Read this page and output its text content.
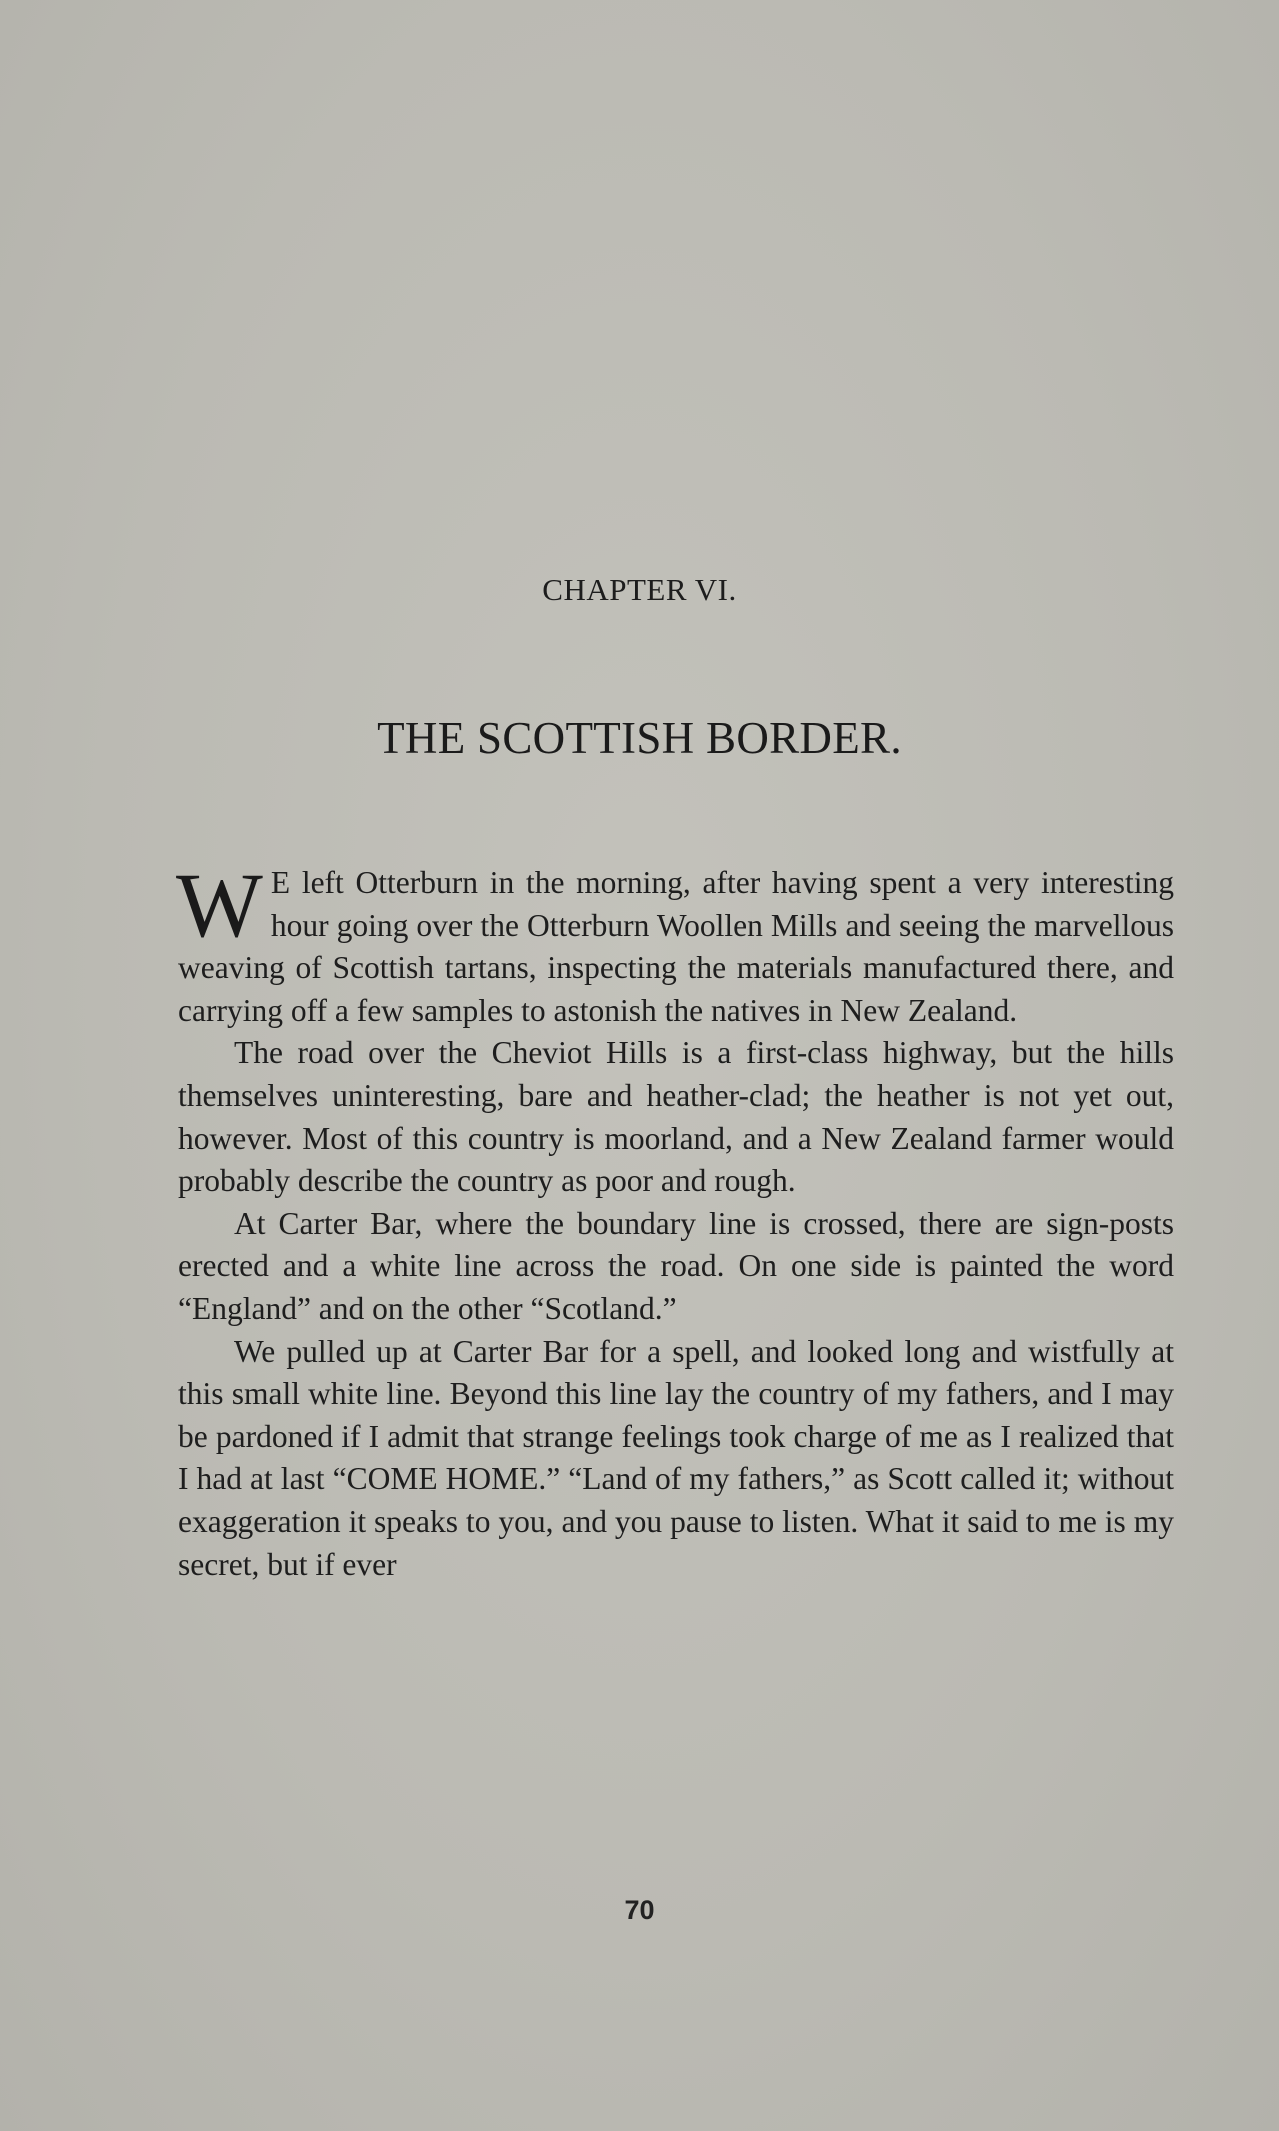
CHAPTER VI.
THE SCOTTISH BORDER.

W E left Otterburn in the morning, after having spent a very interesting hour going over the Otterburn Woollen Mills and seeing the marvellous weaving of Scottish tartans, inspecting the materials manufactured there, and carrying off a few samples to astonish the natives in New Zealand.

The road over the Cheviot Hills is a first-class highway, but the hills themselves uninteresting, bare and heather-clad; the heather is not yet out, however. Most of this country is moorland, and a New Zealand farmer would probably describe the country as poor and rough.

At Carter Bar, where the boundary line is crossed, there are sign-posts erected and a white line across the road. On one side is painted the word “England” and on the other “Scotland.”

We pulled up at Carter Bar for a spell, and looked long and wistfully at this small white line. Beyond this line lay the country of my fathers, and I may be pardoned if I admit that strange feelings took charge of me as I realized that I had at last “COME HOME.” “Land of my fathers,” as Scott called it; without exaggeration it speaks to you, and you pause to listen. What it said to me is my secret, but if ever

70
